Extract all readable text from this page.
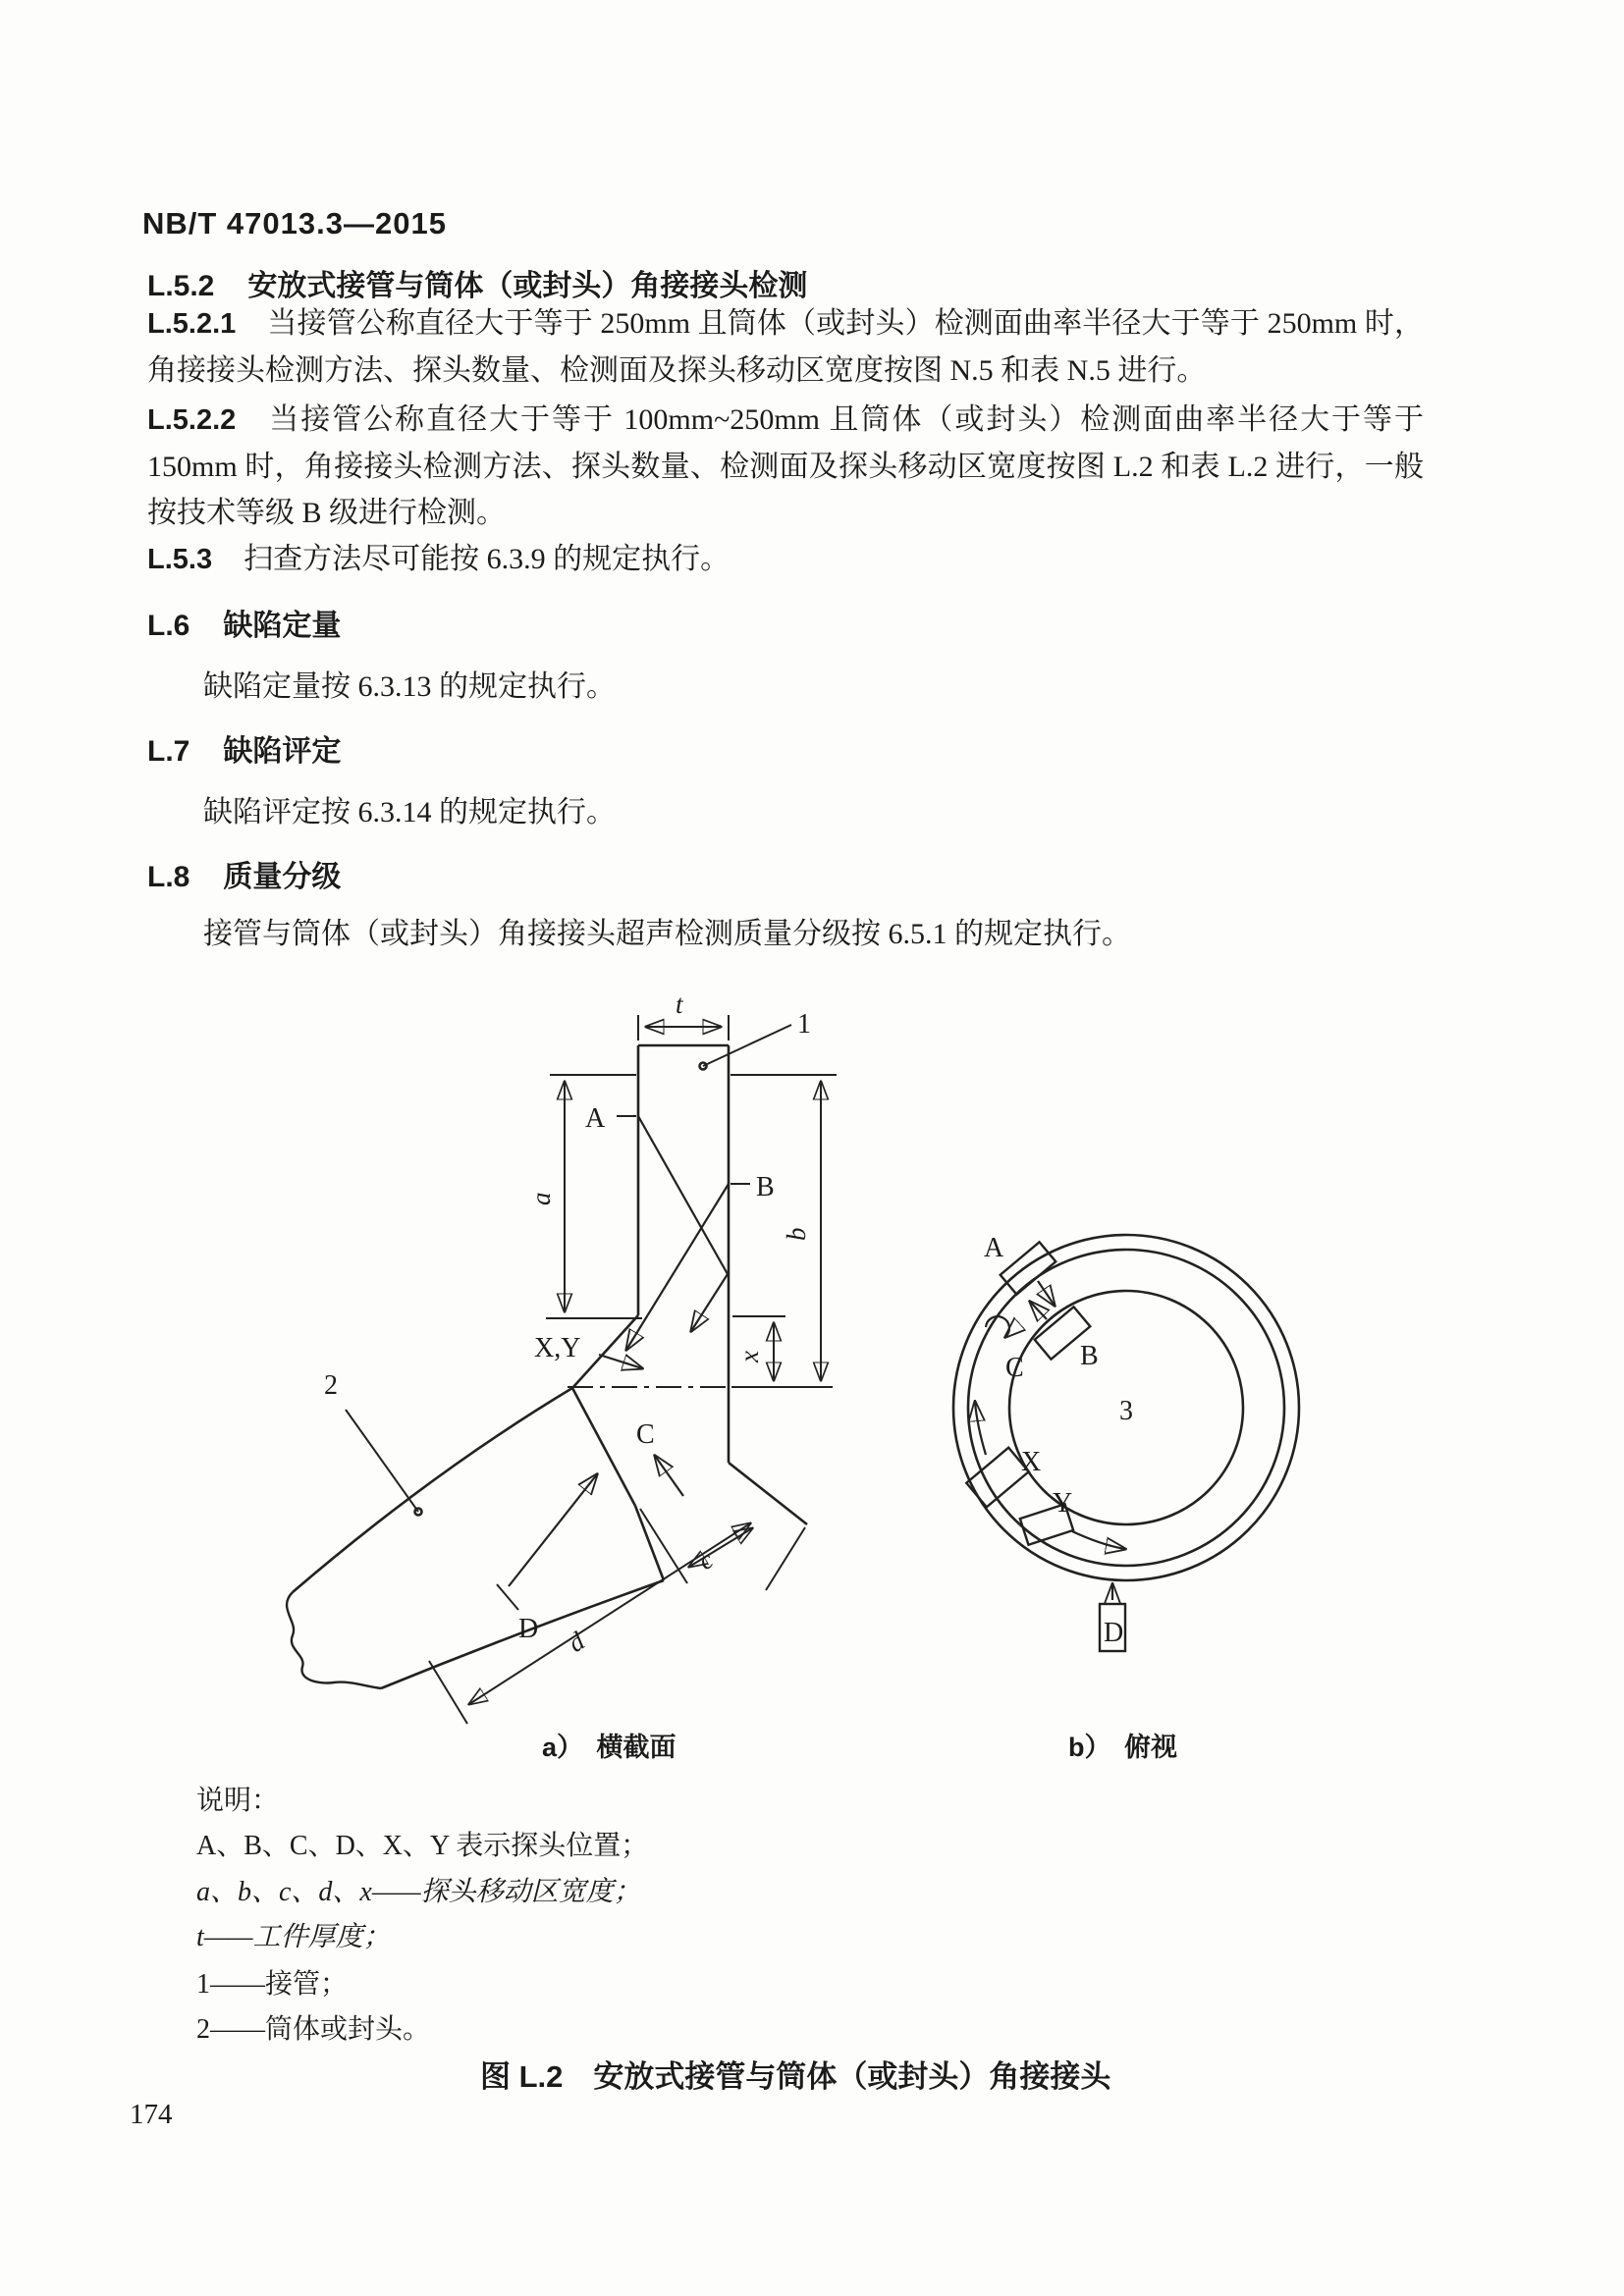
NB/T 47013.3—2015
L.5.2 安放式接管与筒体（或封头）角接接头检测

L.5.2.1 当接管公称直径大于等于 250mm 且筒体（或封头）检测面曲率半径大于等于 250mm 时，角接接头检测方法、探头数量、检测面及探头移动区宽度按图 N.5 和表 N.5 进行。

L.5.2.2 当接管公称直径大于等于 100mm~250mm 且筒体（或封头）检测面曲率半径大于等于 150mm 时，角接接头检测方法、探头数量、检测面及探头移动区宽度按图 L.2 和表 L.2 进行，一般按技术等级 B 级进行检测。

L.5.3 扫查方法尽可能按 6.3.9 的规定执行。

L.6 缺陷定量

缺陷定量按 6.3.13 的规定执行。

L.7 缺陷评定

缺陷评定按 6.3.14 的规定执行。

L.8 质量分级

接管与筒体（或封头）角接接头超声检测质量分级按 6.5.1 的规定执行。

t
1
A
a	B
b
x
X,Y
2
C
c
D d
A
B
C
X
Y
D
3
a）　横截面	b）　俯视
说明：
A、B、C、D、X、Y 表示探头位置；
a、b、c、d、x——探头移动区宽度；
t——工件厚度；
1——接管；
2——筒体或封头。
图 L.2　安放式接管与筒体（或封头）角接接头
174
